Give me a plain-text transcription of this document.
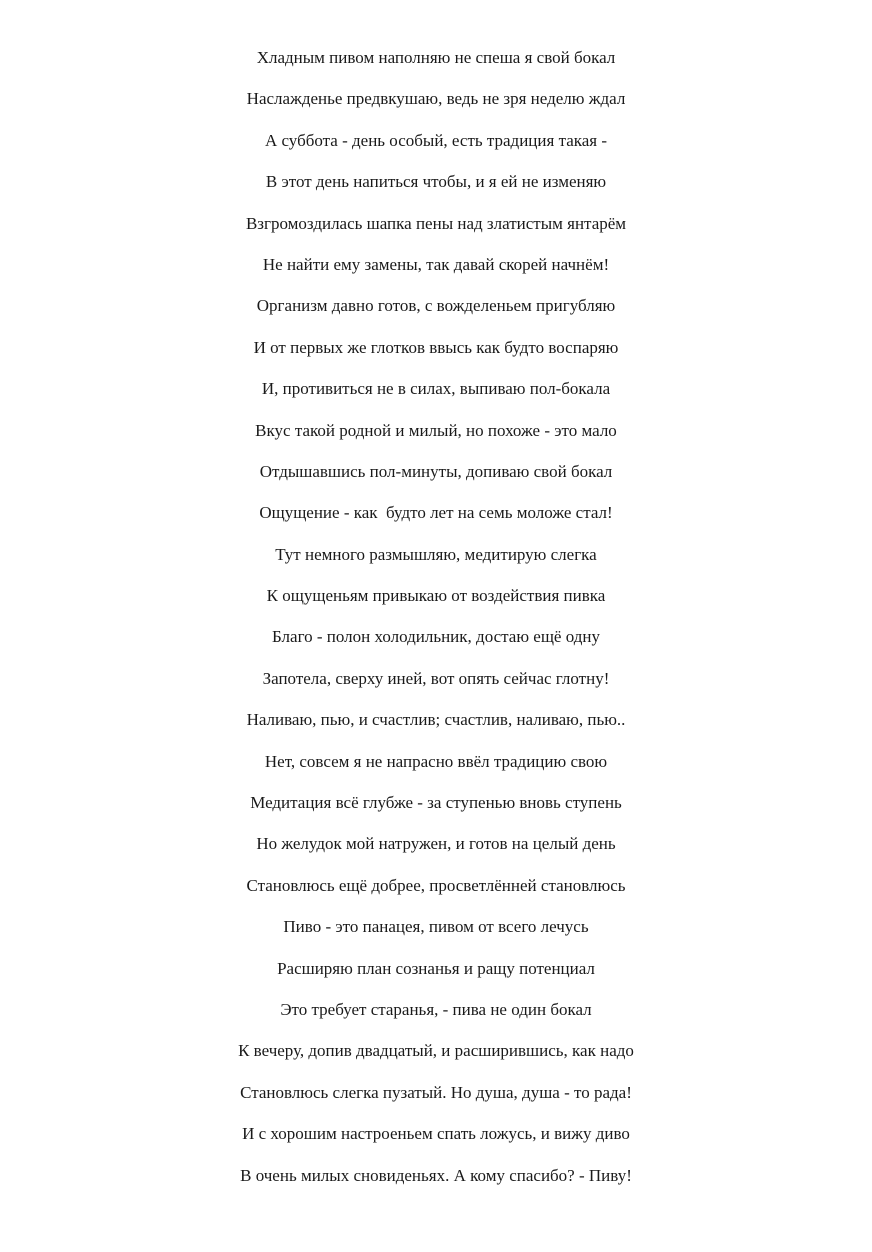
Хладным пивом наполняю не спеша я свой бокал
Наслажденье предвкушаю, ведь не зря неделю ждал
А суббота - день особый, есть традиция такая -
В этот день напиться чтобы, и я ей не изменяю
Взгромоздилась шапка пены над златистым янтарём
Не найти ему замены, так давай скорей начнём!
Организм давно готов, с вожделеньем пригубляю
И от первых же глотков ввысь как будто воспаряю
И, противиться не в силах, выпиваю пол-бокала
Вкус такой родной и милый, но похоже - это мало
Отдышавшись пол-минуты, допиваю свой бокал
Ощущение - как  будто лет на семь моложе стал!
Тут немного размышляю, медитирую слегка
К ощущеньям привыкаю от воздействия пивка
Благо - полон холодильник, достаю ещё одну
Запотела, сверху иней, вот опять сейчас глотну!
Наливаю, пью, и счастлив; счастлив, наливаю, пью..
Нет, совсем я не напрасно ввёл традицию свою
Медитация всё глубже - за ступенью вновь ступень
Но желудок мой натружен, и готов на целый день
Становлюсь ещё добрее, просветлённей становлюсь
Пиво - это панацея, пивом от всего лечусь
Расширяю план сознанья и ращу потенциал
Это требует старанья, - пива не один бокал
К вечеру, допив двадцатый, и расширившись, как надо
Становлюсь слегка пузатый. Но душа, душа - то рада!
И с хорошим настроеньем спать ложусь, и вижу диво
В очень милых сновиденьях. А кому спасибо? - Пиву!
